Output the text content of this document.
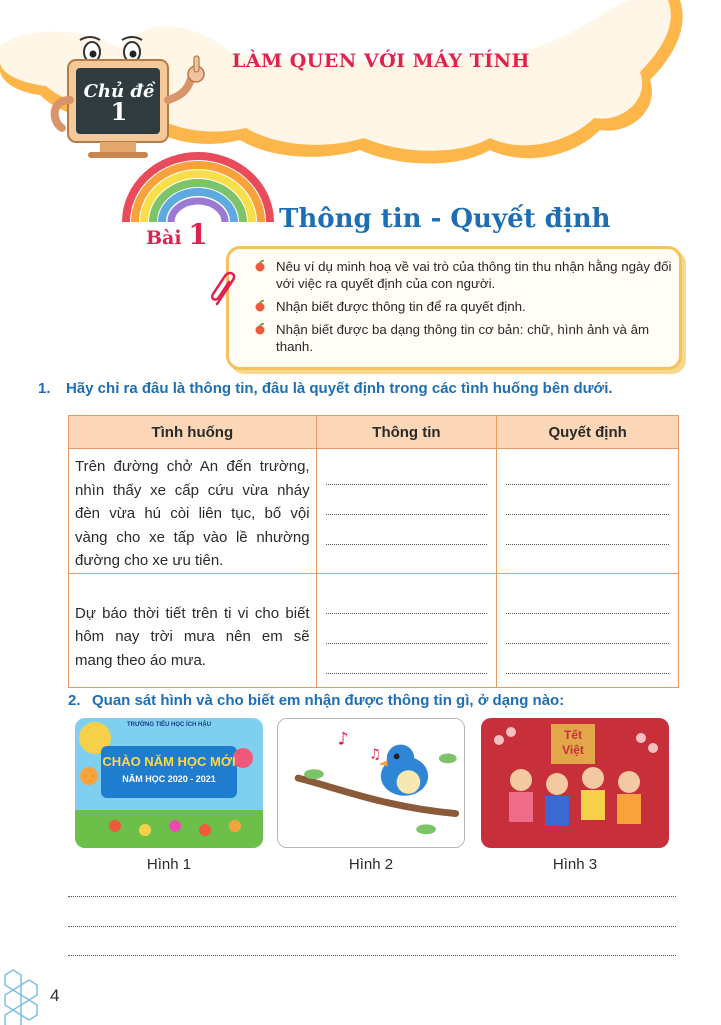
Chủ đề
1
LÀM QUEN VỚI MÁY TÍNH
Bài 1	Thông tin - Quyết định
Nêu ví dụ minh hoạ về vai trò của thông tin thu nhận hằng ngày đối với việc ra quyết định của con người.
Nhận biết được thông tin để ra quyết định.
Nhận biết được ba dạng thông tin cơ bản: chữ, hình ảnh và âm thanh.
1. Hãy chỉ ra đâu là thông tin, đâu là quyết định trong các tình huống bên dưới.
Tình huống	Thông tin	Quyết định
Trên đường chở An đến trường, nhìn thấy xe cấp cứu vừa nháy đèn vừa hú còi liên tục, bố vội vàng cho xe tấp vào lề nhường đường cho xe ưu tiên.	

Dự báo thời tiết trên ti vi cho biết hôm nay trời mưa nên em sẽ mang theo áo mưa.	

2. Quan sát hình và cho biết em nhận được thông tin gì, ở dạng nào:
TRƯỜNG TIỂU HỌC ÍCH HẬU
CHÀO NĂM HỌC MỚI
NĂM HỌC 2020 - 2021
♪
♫
Tết
Việt
Hình 1	Hình 2	Hình 3
4
